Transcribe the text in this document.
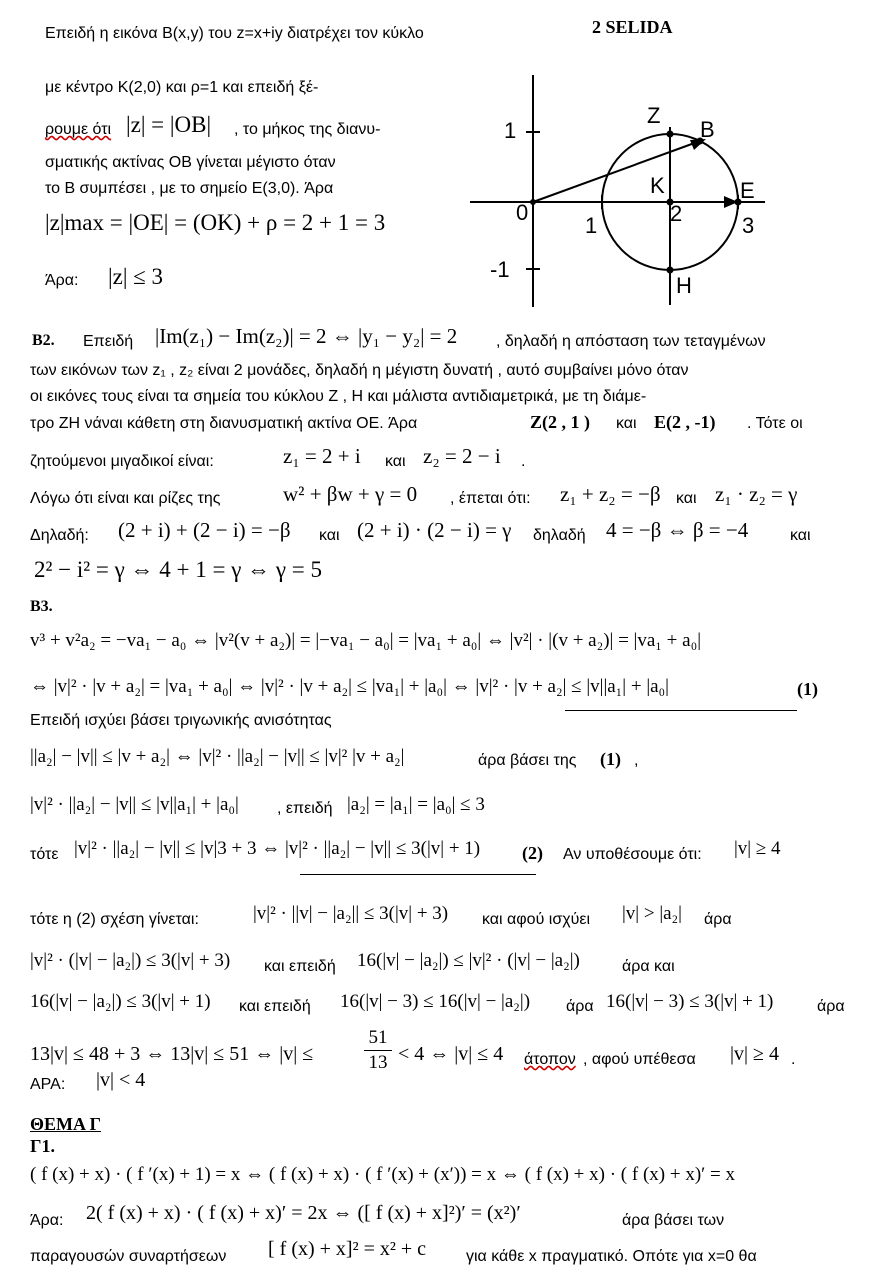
2 SELIDA
Z
B
K	E
H
0
1	2	3
1
-1
Επειδή η εικόνα B(x,y) του z=x+iy διατρέχει τον κύκλο
με κέντρο K(2,0) και ρ=1 και επειδή ξέ-
ρουμε ότι |z| = |OB| , το μήκος της διανυ-
σματικής ακτίνας OB γίνεται μέγιστο όταν
το B συμπέσει , με το σημείο E(3,0). Άρα
|z|max = |OE| = (OK) + ρ = 2 + 1 = 3
Άρα: |z| ≤ 3
B2. Επειδή |Im(z₁) − Im(z₂)| = 2 ⇔ |y₁ − y₂| = 2 , δηλαδή η απόσταση των τεταγμένων
των εικόνων των z₁ , z₂ είναι 2 μονάδες, δηλαδή η μέγιστη δυνατή , αυτό συμβαίνει μόνο όταν
οι εικόνες τους είναι τα σημεία του κύκλου Z , H και μάλιστα αντιδιαμετρικά, με τη διάμε-
τρο ZH νάναι κάθετη στη διανυσματική ακτίνα OE. Άρα	Z(2 , 1 ) και E(2 , -1) . Τότε οι
ζητούμενοι μιγαδικοί είναι:	z₁ = 2 + i και z₂ = 2 − i .
Λόγω ότι είναι και ρίζες της	w² + βw + γ = 0 , έπεται ότι: z₁ + z₂ = −β και z₁ · z₂ = γ
Δηλαδή: (2 + i) + (2 − i) = −β και (2 + i) · (2 − i) = γ δηλαδή 4 = −β ⇔ β = −4	και
2² − i² = γ ⇔ 4 + 1 = γ ⇔ γ = 5
B3.
v³ + v²a₂ = −va₁ − a₀ ⇔ |v²(v + a₂)| = |−va₁ − a₀| = |va₁ + a₀| ⇔ |v²| · |(v + a₂)| = |va₁ + a₀|
⇔ |v|² · |v + a₂| = |va₁ + a₀| ⇔ |v|² · |v + a₂| ≤ |va₁| + |a₀| ⇔ |v|² · |v + a₂| ≤ |v||a₁| + |a₀|	(1)
Επειδή ισχύει βάσει τριγωνικής ανισότητας
||a₂| − |v|| ≤ |v + a₂| ⇔ |v|² · ||a₂| − |v|| ≤ |v|² |v + a₂|	άρα βάσει της (1) ,
|v|² · ||a₂| − |v|| ≤ |v||a₁| + |a₀| , επειδή |a₂| = |a₁| = |a₀| ≤ 3
τότε |v|² · ||a₂| − |v|| ≤ |v|3 + 3 ⇔ |v|² · ||a₂| − |v|| ≤ 3(|v| + 1) (2) Αν υποθέσουμε ότι: |v| ≥ 4
τότε η (2) σχέση γίνεται:	|v|² · ||v| − |a₂|| ≤ 3(|v| + 3) και αφού ισχύει |v| > |a₂| άρα
|v|² · (|v| − |a₂|) ≤ 3(|v| + 3) και επειδή 16(|v| − |a₂|) ≤ |v|² · (|v| − |a₂|)	άρα και
16(|v| − |a₂|) ≤ 3(|v| + 1) και επειδή 16(|v| − 3) ≤ 16(|v| − |a₂|) άρα 16(|v| − 3) ≤ 3(|v| + 1)	άρα
13|v| ≤ 48 + 3 ⇔ 13|v| ≤ 51 ⇔ |v| ≤
51
13 < 4 ⇔ |v| ≤ 4 άτοπον , αφού υπέθεσα |v| ≥ 4 .
ΑΡΑ: |v| < 4
ΘΕΜΑ Γ
Γ1.
( f (x) + x) · ( f ′(x) + 1) = x ⇔ ( f (x) + x) · ( f ′(x) + (x′)) = x ⇔ ( f (x) + x) · ( f (x) + x)′ = x
Άρα: 2( f (x) + x) · ( f (x) + x)′ = 2x ⇔ ([ f (x) + x]²)′ = (x²)′	άρα βάσει των
παραγουσών συναρτήσεων [ f (x) + x]² = x² + c για κάθε x πραγματικό. Οπότε για x=0 θα
